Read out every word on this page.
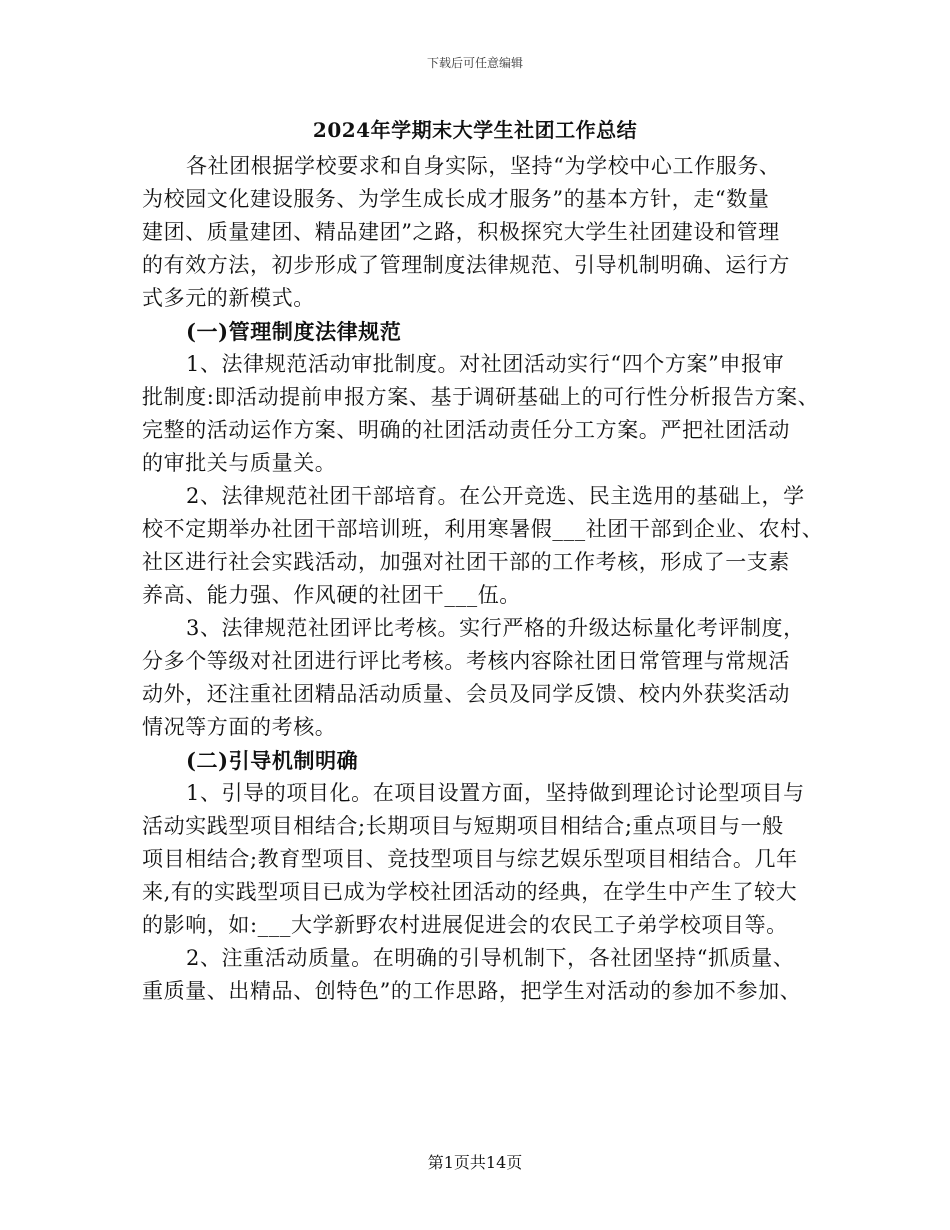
下载后可任意编辑
2024年学期末大学生社团工作总结
各社团根据学校要求和自身实际，坚持“为学校中心工作服务、
为校园文化建设服务、为学生成长成才服务”的基本方针，走“数量
建团、质量建团、精品建团”之路，积极探究大学生社团建设和管理
的有效方法，初步形成了管理制度法律规范、引导机制明确、运行方
式多元的新模式。
(一)管理制度法律规范
1、法律规范活动审批制度。对社团活动实行“四个方案”申报审
批制度:即活动提前申报方案、基于调研基础上的可行性分析报告方案、
完整的活动运作方案、明确的社团活动责任分工方案。严把社团活动
的审批关与质量关。
2、法律规范社团干部培育。在公开竞选、民主选用的基础上，学
校不定期举办社团干部培训班，利用寒暑假___社团干部到企业、农村、
社区进行社会实践活动，加强对社团干部的工作考核，形成了一支素
养高、能力强、作风硬的社团干___伍。
3、法律规范社团评比考核。实行严格的升级达标量化考评制度，
分多个等级对社团进行评比考核。考核内容除社团日常管理与常规活
动外，还注重社团精品活动质量、会员及同学反馈、校内外获奖活动
情况等方面的考核。
(二)引导机制明确
1、引导的项目化。在项目设置方面，坚持做到理论讨论型项目与
活动实践型项目相结合;长期项目与短期项目相结合;重点项目与一般
项目相结合;教育型项目、竞技型项目与综艺娱乐型项目相结合。几年
来,有的实践型项目已成为学校社团活动的经典，在学生中产生了较大
的影响，如:___大学新野农村进展促进会的农民工子弟学校项目等。
2、注重活动质量。在明确的引导机制下，各社团坚持“抓质量、
重质量、出精品、创特色”的工作思路，把学生对活动的参加不参加、
第1页共14页
